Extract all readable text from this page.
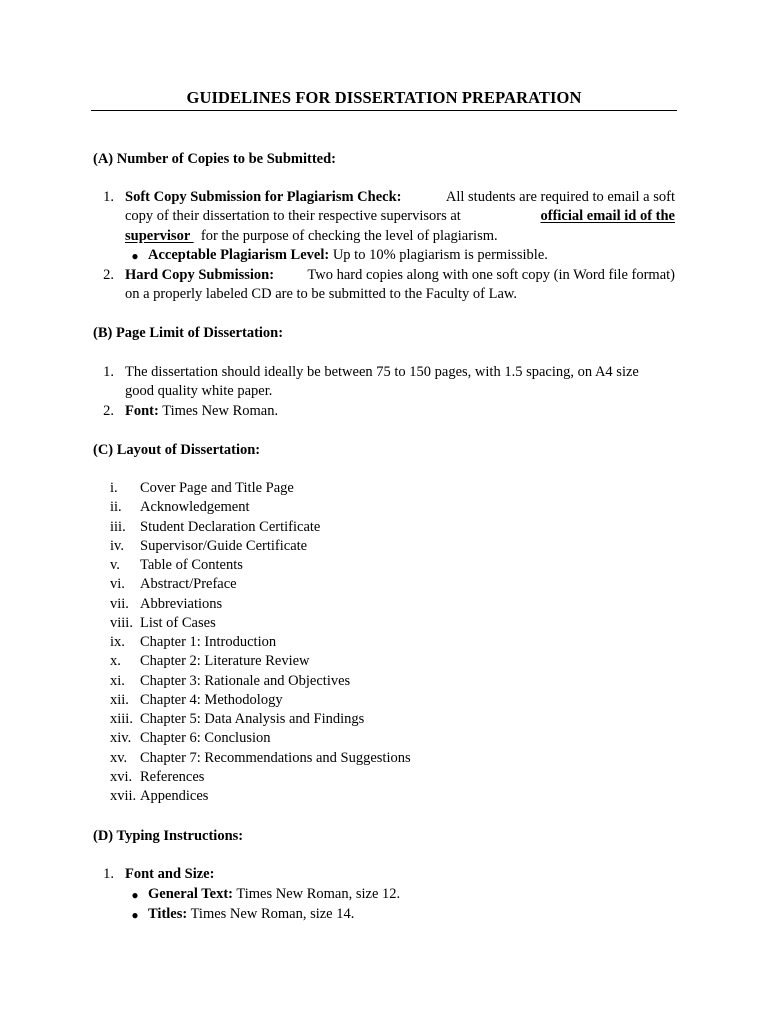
GUIDELINES FOR DISSERTATION PREPARATION
(A) Number of Copies to be Submitted:
1. Soft Copy Submission for Plagiarism Check:	All students are required to email a soft
copy of their dissertation to their respective supervisors at	official email id of the
supervisor   for the purpose of checking the level of plagiarism.
● Acceptable Plagiarism Level: Up to 10% plagiarism is permissible.
2. Hard Copy Submission: Two hard copies along with one soft copy (in Word file format)
on a properly labeled CD are to be submitted to the Faculty of Law.
(B) Page Limit of Dissertation:
1. The dissertation should ideally be between 75 to 150 pages, with 1.5 spacing, on A4 size
good quality white paper.
2. Font: Times New Roman.
(C) Layout of Dissertation:
i. Cover Page and Title Page
ii. Acknowledgement
iii. Student Declaration Certificate
iv. Supervisor/Guide Certificate
v. Table of Contents
vi. Abstract/Preface
vii. Abbreviations
viii. List of Cases
ix. Chapter 1: Introduction
x. Chapter 2: Literature Review
xi. Chapter 3: Rationale and Objectives
xii. Chapter 4: Methodology
xiii. Chapter 5: Data Analysis and Findings
xiv. Chapter 6: Conclusion
xv. Chapter 7: Recommendations and Suggestions
xvi. References
xvii. Appendices
(D) Typing Instructions:
1. Font and Size:
● General Text: Times New Roman, size 12.
● Titles: Times New Roman, size 14.
